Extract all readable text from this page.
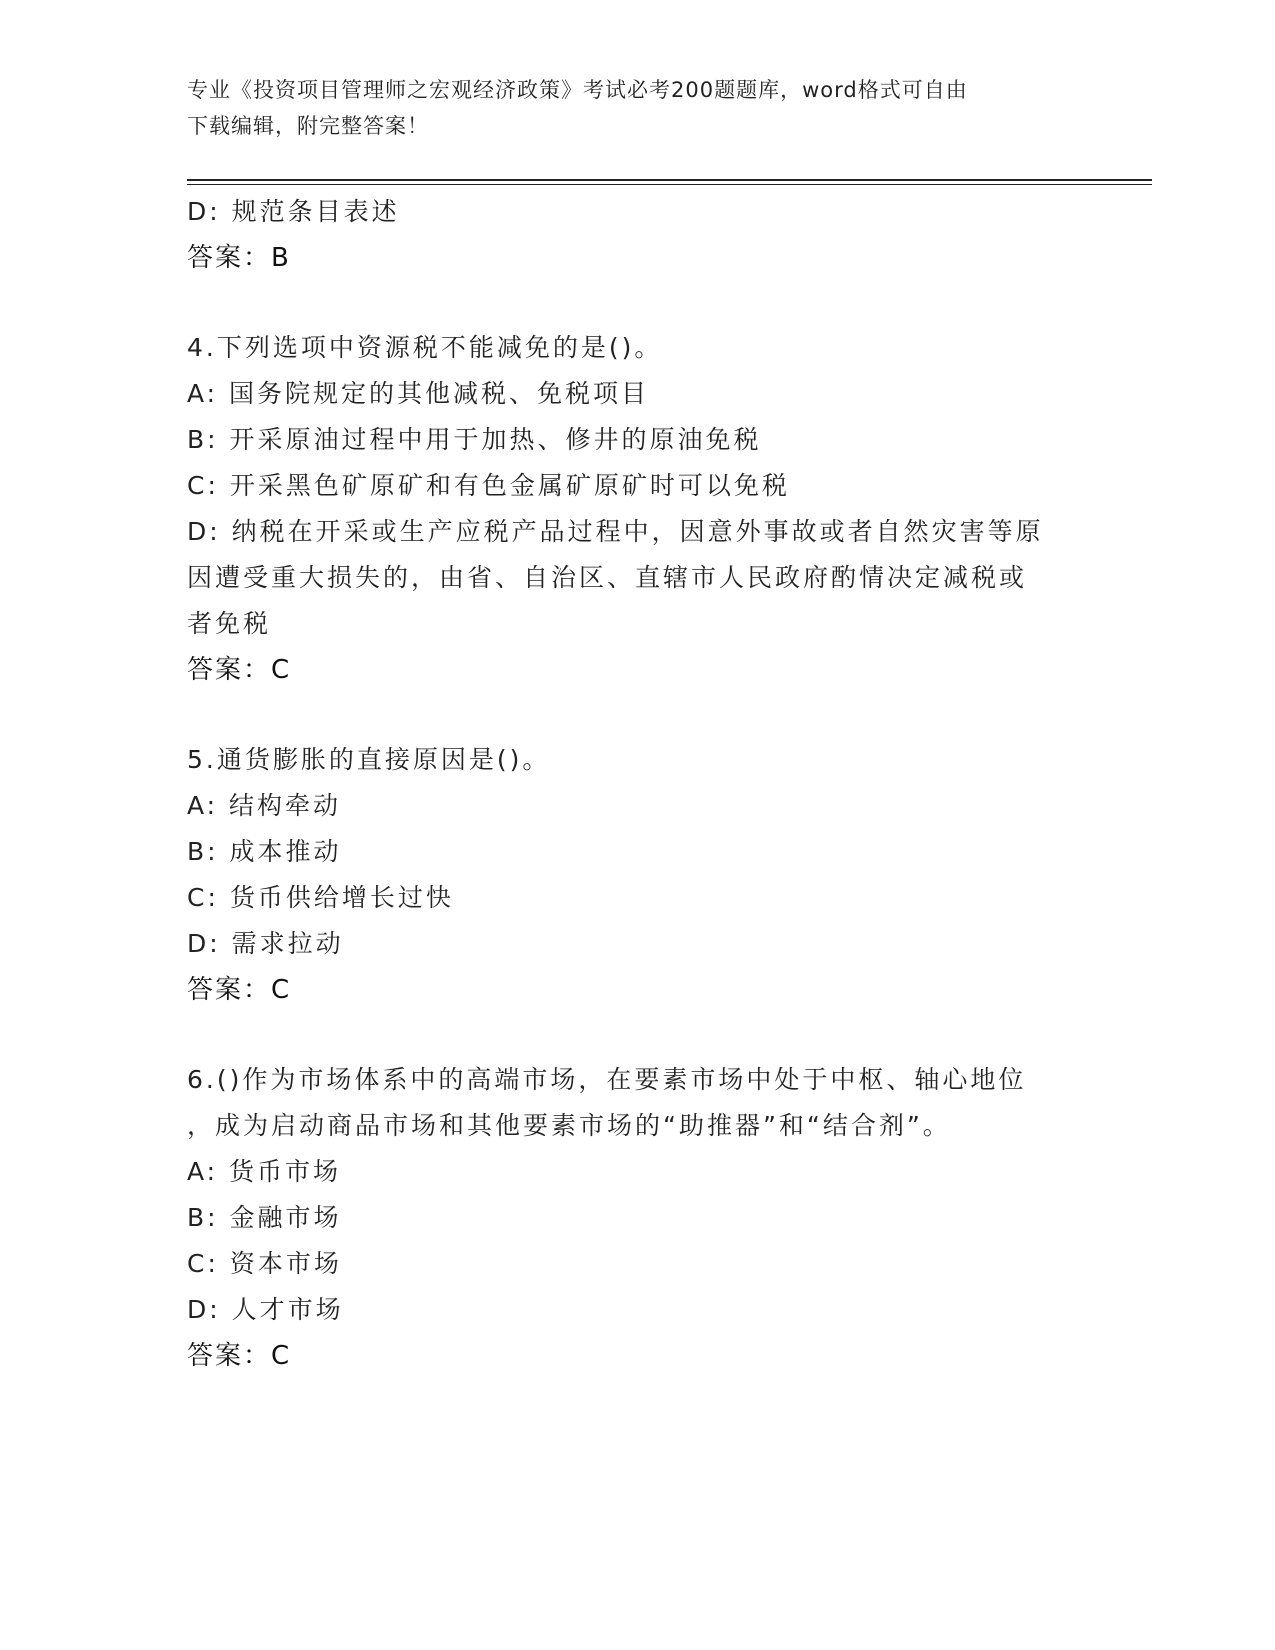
专业《投资项目管理师之宏观经济政策》考试必考200题题库，word格式可自由
下载编辑，附完整答案！
D: 规范条目表述
答案：B
4.下列选项中资源税不能减免的是()。
A: 国务院规定的其他减税、免税项目
B: 开采原油过程中用于加热、修井的原油免税
C: 开采黑色矿原矿和有色金属矿原矿时可以免税
D: 纳税在开采或生产应税产品过程中，因意外事故或者自然灾害等原
因遭受重大损失的，由省、自治区、直辖市人民政府酌情决定减税或
者免税
答案：C
5.通货膨胀的直接原因是()。
A: 结构牵动
B: 成本推动
C: 货币供给增长过快
D: 需求拉动
答案：C
6.()作为市场体系中的高端市场，在要素市场中处于中枢、轴心地位
，成为启动商品市场和其他要素市场的“助推器”和“结合剂”。
A: 货币市场
B: 金融市场
C: 资本市场
D: 人才市场
答案：C
